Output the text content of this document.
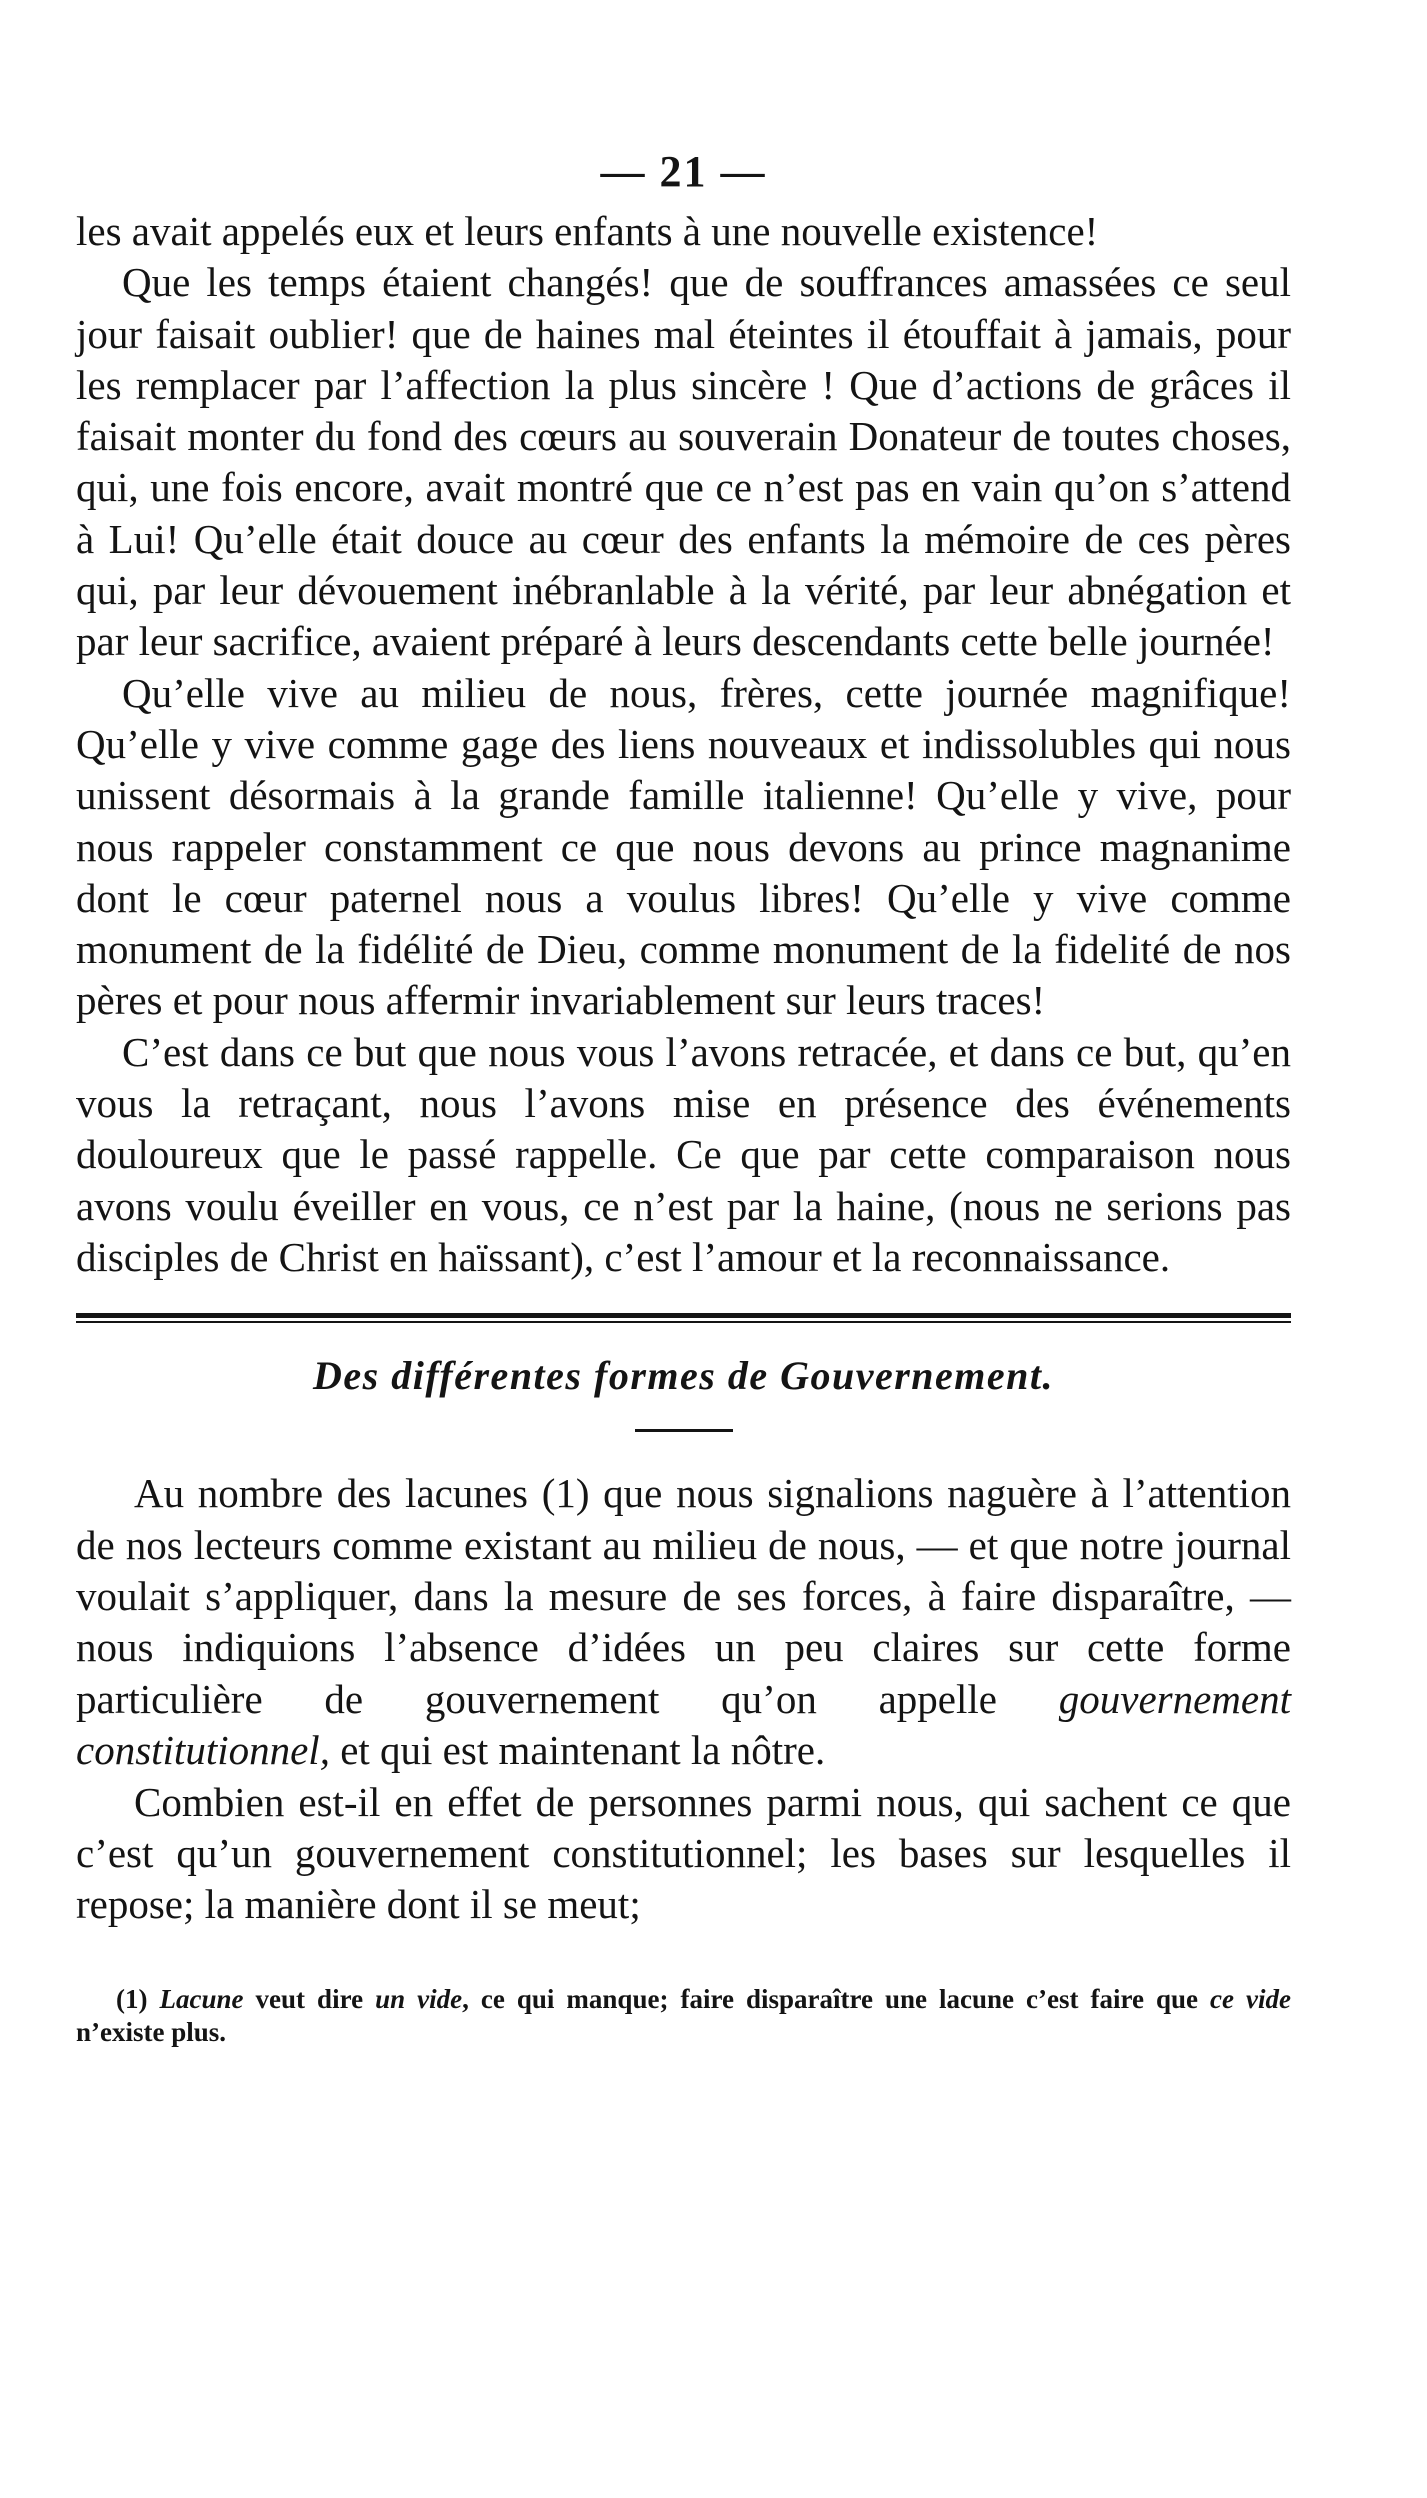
— 21 —

les avait appelés eux et leurs enfants à une nouvelle existence!

Que les temps étaient changés! que de souffrances amassées ce seul jour faisait oublier! que de haines mal éteintes il étouffait à jamais, pour les remplacer par l’affection la plus sincère ! Que d’actions de grâces il faisait monter du fond des cœurs au souverain Donateur de toutes choses, qui, une fois encore, avait montré que ce n’est pas en vain qu’on s’attend à Lui! Qu’elle était douce au cœur des enfants la mémoire de ces pères qui, par leur dévouement inébranlable à la vérité, par leur abnégation et par leur sacrifice, avaient préparé à leurs descendants cette belle journée!

Qu’elle vive au milieu de nous, frères, cette journée magnifique! Qu’elle y vive comme gage des liens nouveaux et indissolubles qui nous unissent désormais à la grande famille italienne! Qu’elle y vive, pour nous rappeler constamment ce que nous devons au prince magnanime dont le cœur paternel nous a voulus libres! Qu’elle y vive comme monument de la fidélité de Dieu, comme monument de la fidelité de nos pères et pour nous affermir invariablement sur leurs traces!

C’est dans ce but que nous vous l’avons retracée, et dans ce but, qu’en vous la retraçant, nous l’avons mise en présence des événements douloureux que le passé rappelle. Ce que par cette comparaison nous avons voulu éveiller en vous, ce n’est par la haine, (nous ne serions pas disciples de Christ en haïssant), c’est l’amour et la reconnaissance.

Des différentes formes de Gouvernement.

Au nombre des lacunes (1) que nous signalions naguère à l’attention de nos lecteurs comme existant au milieu de nous, — et que notre journal voulait s’appliquer, dans la mesure de ses forces, à faire disparaître, — nous indiquions l’absence d’idées un peu claires sur cette forme particulière de gouvernement qu’on appelle gouvernement constitutionnel, et qui est maintenant la nôtre.

Combien est-il en effet de personnes parmi nous, qui sachent ce que c’est qu’un gouvernement constitutionnel; les bases sur lesquelles il repose; la manière dont il se meut;

(1) Lacune veut dire un vide, ce qui manque; faire disparaître une lacune c’est faire que ce vide n’existe plus.
